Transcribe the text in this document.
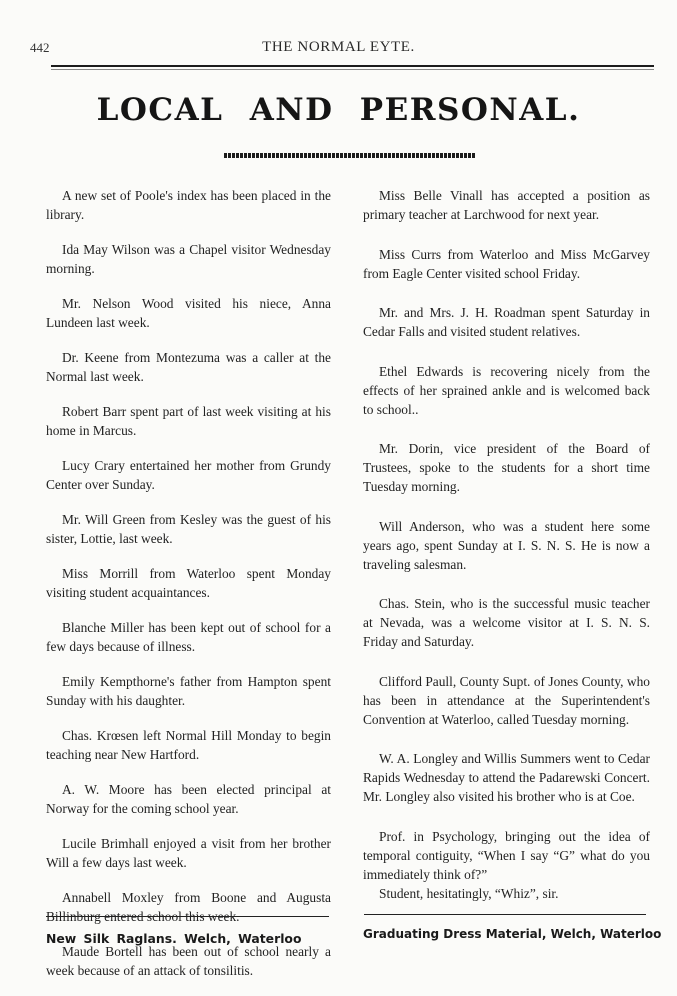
442	THE NORMAL EYTE.
LOCAL AND PERSONAL.

A new set of Poole's index has been placed in the library.

Ida May Wilson was a Chapel visitor Wednesday morning.

Mr. Nelson Wood visited his niece, Anna Lundeen last week.

Dr. Keene from Montezuma was a caller at the Normal last week.

Robert Barr spent part of last week visiting at his home in Marcus.

Lucy Crary entertained her mother from Grundy Center over Sunday.

Mr. Will Green from Kesley was the guest of his sister, Lottie, last week.

Miss Morrill from Waterloo spent Monday visiting student acquaintances.

Blanche Miller has been kept out of school for a few days because of illness.

Emily Kempthorne's father from Hampton spent Sunday with his daughter.

Chas. Krœsen left Normal Hill Monday to begin teaching near New Hartford.

A. W. Moore has been elected principal at Norway for the coming school year.

Lucile Brimhall enjoyed a visit from her brother Will a few days last week.

Annabell Moxley from Boone and Augusta Billinburg entered school this week.

Maude Bortell has been out of school nearly a week because of an attack of tonsilitis.

Miss Belle Vinall has accepted a position as primary teacher at Larchwood for next year.

Miss Currs from Waterloo and Miss McGarvey from Eagle Center visited school Friday.

Mr. and Mrs. J. H. Roadman spent Saturday in Cedar Falls and visited student relatives.

Ethel Edwards is recovering nicely from the effects of her sprained ankle and is welcomed back to school..

Mr. Dorin, vice president of the Board of Trustees, spoke to the students for a short time Tuesday morning.

Will Anderson, who was a student here some years ago, spent Sunday at I. S. N. S. He is now a traveling salesman.

Chas. Stein, who is the successful music teacher at Nevada, was a welcome visitor at I. S. N. S. Friday and Saturday.

Clifford Paull, County Supt. of Jones County, who has been in attendance at the Superintendent's Convention at Waterloo, called Tuesday morning.

W. A. Longley and Willis Summers went to Cedar Rapids Wednesday to attend the Padarewski Concert. Mr. Longley also visited his brother who is at Coe.

Prof. in Psychology, bringing out the idea of temporal contiguity, “When I say “G” what do you immediately think of?”

Student, hesitatingly, “Whiz”, sir.

New Silk Raglans. Welch, Waterloo	Graduating Dress Material, Welch, Waterloo
